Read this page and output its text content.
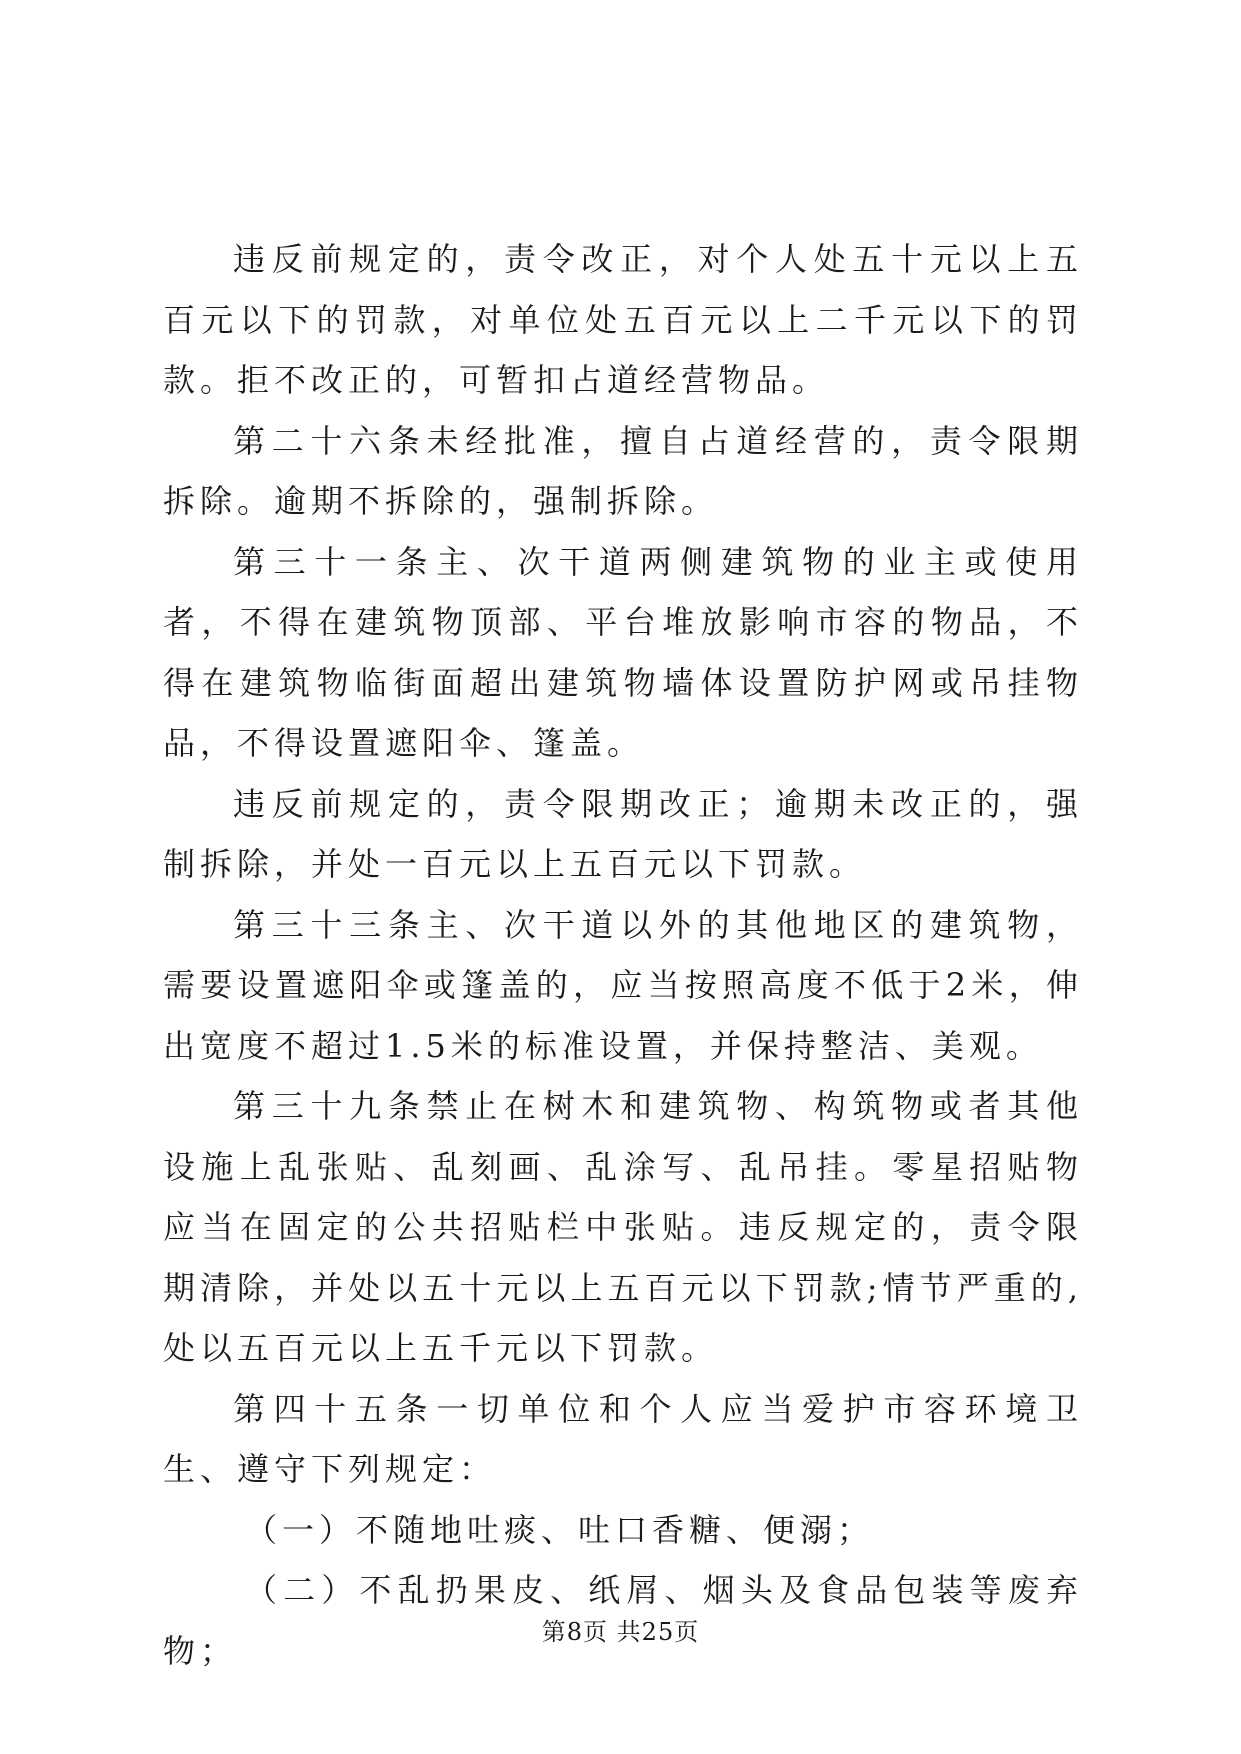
违反前规定的，责令改正，对个人处五十元以上五百元以下的罚款，对单位处五百元以上二千元以下的罚款。拒不改正的，可暂扣占道经营物品。

第二十六条未经批准，擅自占道经营的，责令限期拆除。逾期不拆除的，强制拆除。

第三十一条主、次干道两侧建筑物的业主或使用者，不得在建筑物顶部、平台堆放影响市容的物品，不得在建筑物临街面超出建筑物墙体设置防护网或吊挂物品，不得设置遮阳伞、篷盖。

违反前规定的，责令限期改正；逾期未改正的，强制拆除，并处一百元以上五百元以下罚款。

第三十三条主、次干道以外的其他地区的建筑物，需要设置遮阳伞或篷盖的，应当按照高度不低于2米，伸出宽度不超过1.5米的标准设置，并保持整洁、美观。

第三十九条禁止在树木和建筑物、构筑物或者其他设施上乱张贴、乱刻画、乱涂写、乱吊挂。零星招贴物应当在固定的公共招贴栏中张贴。违反规定的，责令限期清除，并处以五十元以上五百元以下罚款;情节严重的,处以五百元以上五千元以下罚款。

第四十五条一切单位和个人应当爱护市容环境卫生、遵守下列规定：

（一）不随地吐痰、吐口香糖、便溺；

（二）不乱扔果皮、纸屑、烟头及食品包装等废弃物；	第8页 共25页
